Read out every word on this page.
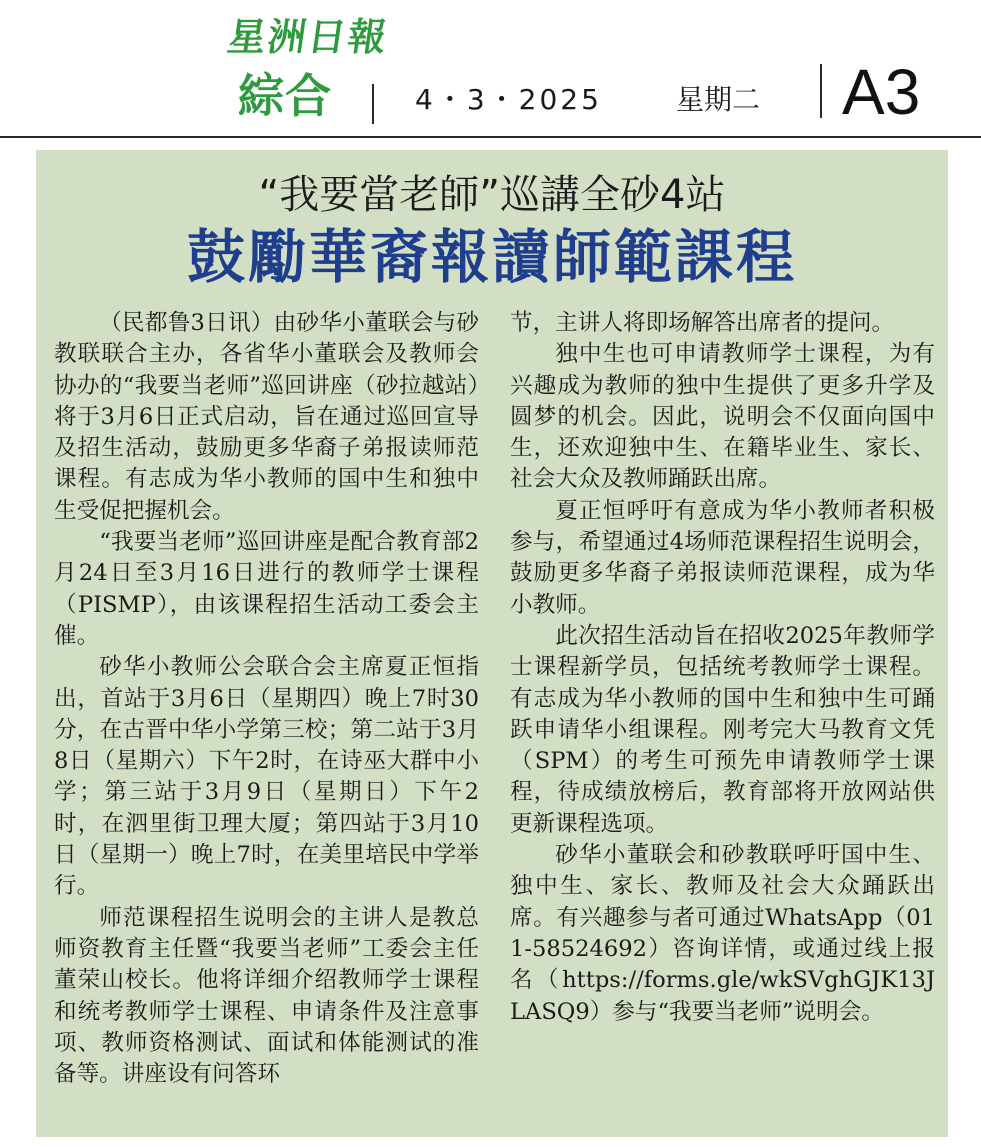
星洲日報
綜合	4・3・2025	星期二 A3
“我要當老師”巡講全砂4站
鼓勵華裔報讀師範課程

（民都鲁3日讯）由砂华小董联会与砂教联联合主办，各省华小董联会及教师会协办的“我要当老师”巡回讲座（砂拉越站）将于3月6日正式启动，旨在通过巡回宣导及招生活动，鼓励更多华裔子弟报读师范课程。有志成为华小教师的国中生和独中生受促把握机会。

“我要当老师”巡回讲座是配合教育部2月24日至3月16日进行的教师学士课程（PISMP），由该课程招生活动工委会主催。

砂华小教师公会联合会主席夏正恒指出，首站于3月6日（星期四）晚上7时30分，在古晋中华小学第三校；第二站于3月8日（星期六）下午2时，在诗巫大群中小学；第三站于3月9日（星期日）下午2时，在泗里街卫理大厦；第四站于3月10日（星期一）晚上7时，在美里培民中学举行。

师范课程招生说明会的主讲人是教总师资教育主任暨“我要当老师”工委会主任董荣山校长。他将详细介绍教师学士课程和统考教师学士课程、申请条件及注意事项、教师资格测试、面试和体能测试的准备等。讲座设有问答环

节，主讲人将即场解答出席者的提问。

独中生也可申请教师学士课程，为有兴趣成为教师的独中生提供了更多升学及圆梦的机会。因此，说明会不仅面向国中生，还欢迎独中生、在籍毕业生、家长、社会大众及教师踊跃出席。

夏正恒呼吁有意成为华小教师者积极参与，希望通过4场师范课程招生说明会，鼓励更多华裔子弟报读师范课程，成为华小教师。

此次招生活动旨在招收2025年教师学士课程新学员，包括统考教师学士课程。有志成为华小教师的国中生和独中生可踊跃申请华小组课程。刚考完大马教育文凭（SPM）的考生可预先申请教师学士课程，待成绩放榜后，教育部将开放网站供更新课程选项。

砂华小董联会和砂教联呼吁国中生、独中生、家长、教师及社会大众踊跃出席。有兴趣参与者可通过WhatsApp（011-58524692）咨询详情，或通过线上报名（https://forms.gle/wkSVghGJK13JLASQ9）参与“我要当老师”说明会。
